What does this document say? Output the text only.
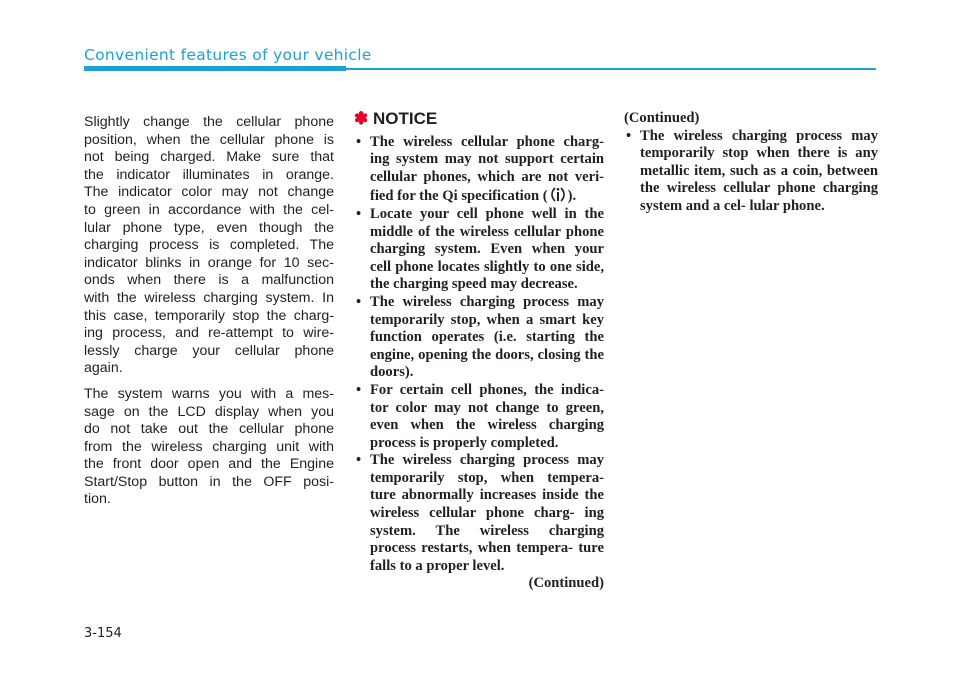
Convenient features of your vehicle

Slightly change the cellular phone
position, when the cellular phone is
not being charged. Make sure that
the indicator illuminates in orange.
The indicator color may not change
to green in accordance with the cel-
lular phone type, even though the
charging process is completed. The
indicator blinks in orange for 10 sec-
onds when there is a malfunction
with the wireless charging system. In
this case, temporarily stop the charg-
ing process, and re-attempt to wire-
lessly charge your cellular phone
again.

The system warns you with a mes-
sage on the LCD display when you
do not take out the cellular phone
from the wireless charging unit with
the front door open and the Engine
Start/Stop button in the OFF posi-
tion.

✽ NOTICE
• The wireless cellular phone charg- ing system may not support certain cellular phones, which are not veri- fied for the Qi specification ( ).
• Locate your cell phone well in the middle of the wireless cellular phone charging system. Even when your cell phone locates slightly to one side, the charging speed may decrease.
• The wireless charging process may temporarily stop, when a smart key function operates (i.e. starting the engine, opening the doors, closing the doors).
• For certain cell phones, the indica- tor color may not change to green, even when the wireless charging process is properly completed.
• The wireless charging process may temporarily stop, when tempera- ture abnormally increases inside the wireless cellular phone charg- ing system. The wireless charging process restarts, when tempera- ture falls to a proper level.
(Continued)
(Continued)
• The wireless charging process may temporarily stop when there is any metallic item, such as a coin, between the wireless cellular phone charging system and a cel- lular phone.
3-154
